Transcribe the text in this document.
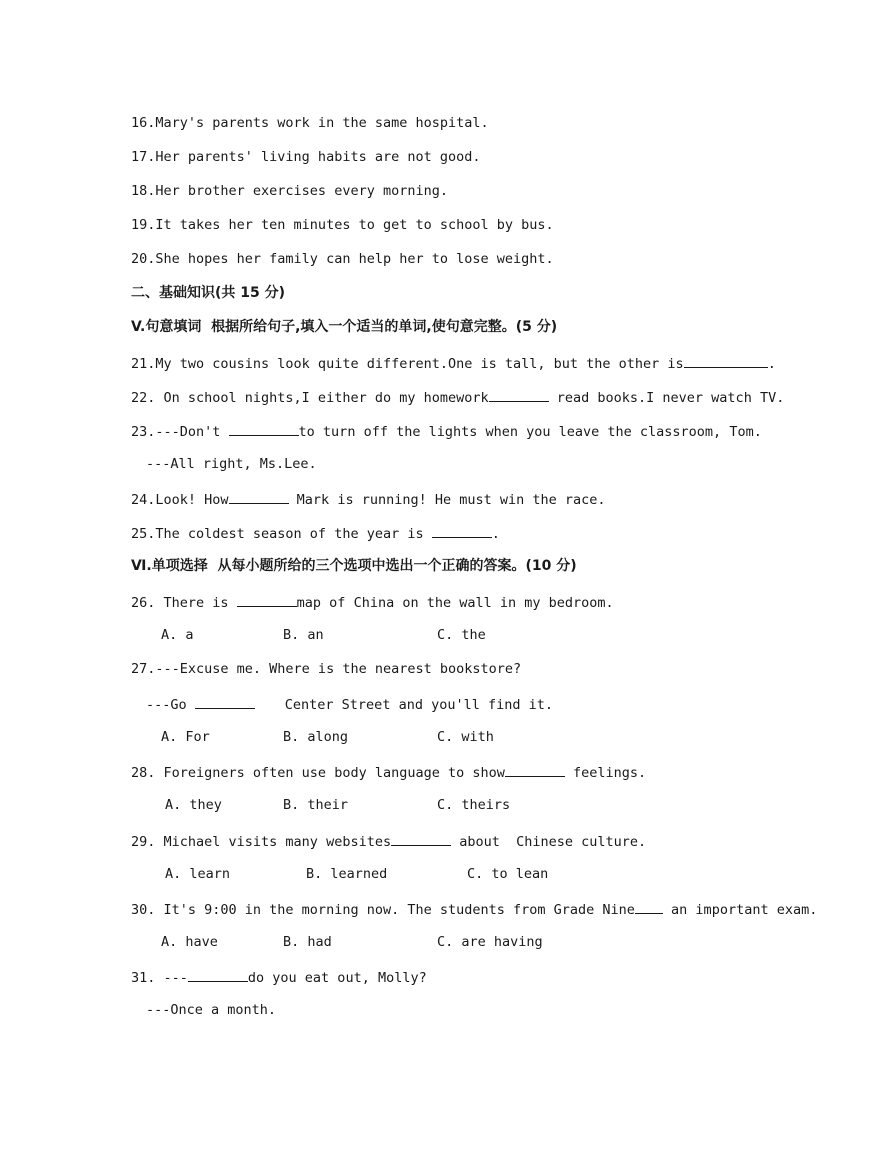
16.Mary's parents work in the same hospital.
17.Her parents' living habits are not good.
18.Her brother exercises every morning.
19.It takes her ten minutes to get to school by bus.
20.She hopes her family can help her to lose weight.
二、基础知识(共 15 分)
V.句意填词  根据所给句子,填入一个适当的单词,使句意完整。(5 分)
21.My two cousins look quite different.One is tall, but the other is	.
22. On school nights,I either do my homework	read books.I never watch TV.
23.---Don't	to turn off the lights when you leave the classroom, Tom.
---All right, Ms.Lee.
24.Look! How	Mark is running! He must win the race.
25.The coldest season of the year is	.
Ⅵ.单项选择  从每小题所给的三个选项中选出一个正确的答案。(10 分)
26. There is	map of China on the wall in my bedroom.
A. a	B. an	C. the
27.---Excuse me. Where is the nearest bookstore?
---Go	Center Street and you'll find it.
A. For	B. along	C. with
28. Foreigners often use body language to show	feelings.
A. they	B. their	C. theirs
29. Michael visits many websites	about  Chinese culture.
A. learn	B. learned	C. to lean
30. It's 9:00 in the morning now. The students from Grade Nine an important exam.
A. have	B. had	C. are having
31. ---	do you eat out, Molly?
---Once a month.
